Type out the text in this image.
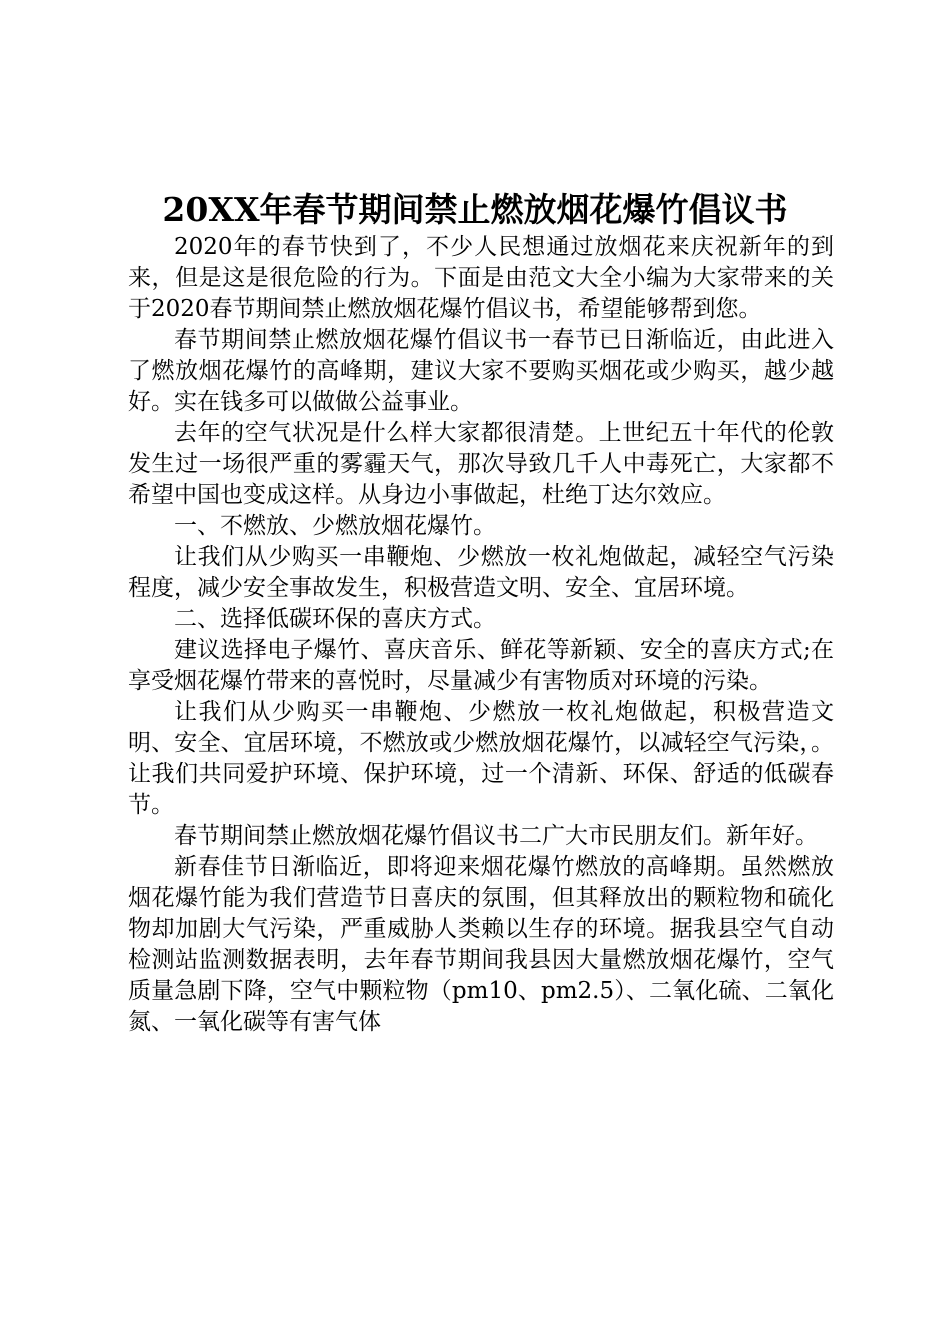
20XX年春节期间禁止燃放烟花爆竹倡议书

2020年的春节快到了，不少人民想通过放烟花来庆祝新年的到来，但是这是很危险的行为。下面是由范文大全小编为大家带来的关于2020春节期间禁止燃放烟花爆竹倡议书，希望能够帮到您。

春节期间禁止燃放烟花爆竹倡议书一春节已日渐临近，由此进入了燃放烟花爆竹的高峰期，建议大家不要购买烟花或少购买，越少越好。实在钱多可以做做公益事业。

去年的空气状况是什么样大家都很清楚。上世纪五十年代的伦敦发生过一场很严重的雾霾天气，那次导致几千人中毒死亡，大家都不希望中国也变成这样。从身边小事做起，杜绝丁达尔效应。

一、不燃放、少燃放烟花爆竹。

让我们从少购买一串鞭炮、少燃放一枚礼炮做起，减轻空气污染程度，减少安全事故发生，积极营造文明、安全、宜居环境。

二、选择低碳环保的喜庆方式。

建议选择电子爆竹、喜庆音乐、鲜花等新颖、安全的喜庆方式;在享受烟花爆竹带来的喜悦时，尽量减少有害物质对环境的污染。

让我们从少购买一串鞭炮、少燃放一枚礼炮做起，积极营造文明、安全、宜居环境，不燃放或少燃放烟花爆竹，以减轻空气污染，。让我们共同爱护环境、保护环境，过一个清新、环保、舒适的低碳春节。

春节期间禁止燃放烟花爆竹倡议书二广大市民朋友们。新年好。

新春佳节日渐临近，即将迎来烟花爆竹燃放的高峰期。虽然燃放烟花爆竹能为我们营造节日喜庆的氛围，但其释放出的颗粒物和硫化物却加剧大气污染，严重威胁人类赖以生存的环境。据我县空气自动检测站监测数据表明，去年春节期间我县因大量燃放烟花爆竹，空气质量急剧下降，空气中颗粒物（pm10、pm2.5）、二氧化硫、二氧化氮、一氧化碳等有害气体
